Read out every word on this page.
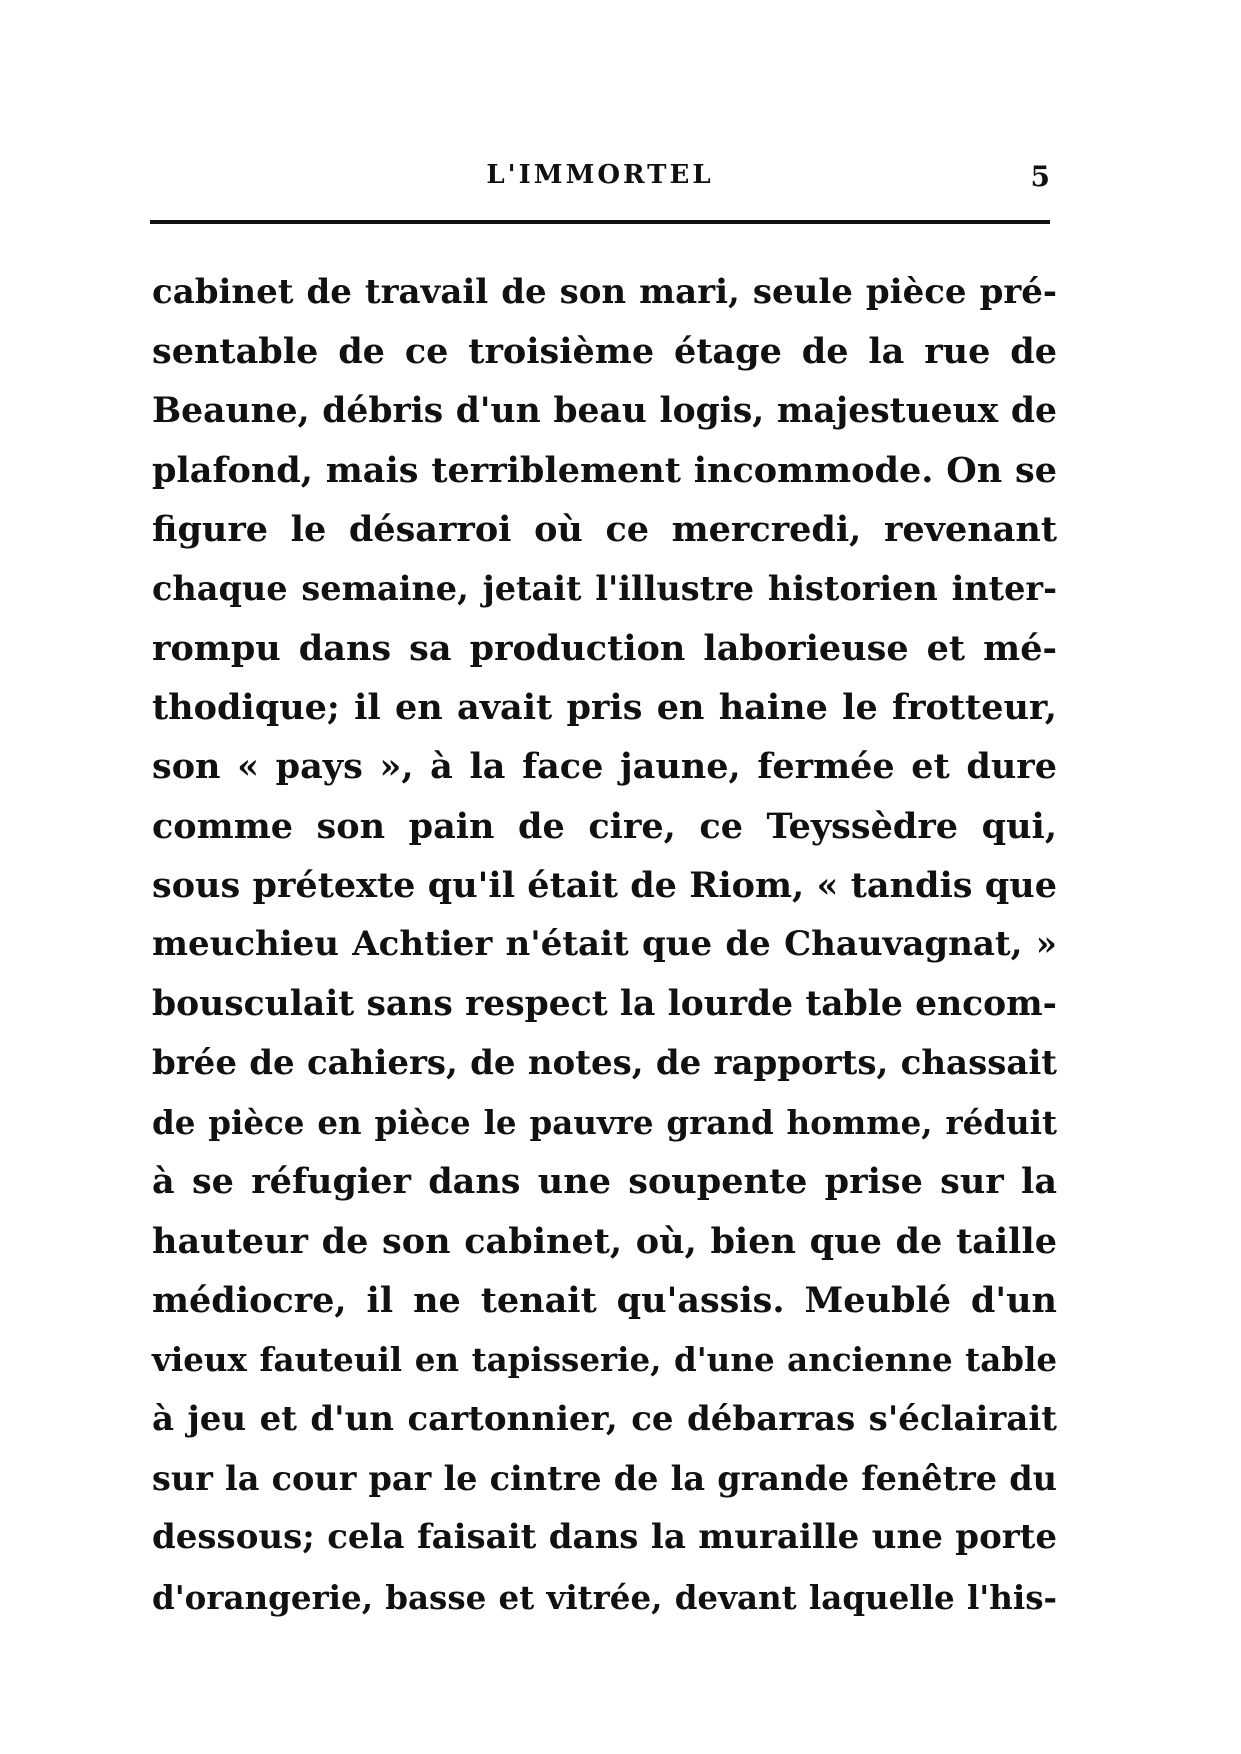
L'IMMORTEL	5
cabinet de travail de son mari, seule pièce pré-
sentable de ce troisième étage de la rue de
Beaune, débris d'un beau logis, majestueux de
plafond, mais terriblement incommode. On se
figure le désarroi où ce mercredi, revenant
chaque semaine, jetait l'illustre historien inter-
rompu dans sa production laborieuse et mé-
thodique; il en avait pris en haine le frotteur,
son « pays », à la face jaune, fermée et dure
comme son pain de cire, ce Teyssèdre qui,
sous prétexte qu'il était de Riom, « tandis que
meuchieu Achtier n'était que de Chauvagnat, »
bousculait sans respect la lourde table encom-
brée de cahiers, de notes, de rapports, chassait
de pièce en pièce le pauvre grand homme, réduit
à se réfugier dans une soupente prise sur la
hauteur de son cabinet, où, bien que de taille
médiocre, il ne tenait qu'assis. Meublé d'un
vieux fauteuil en tapisserie, d'une ancienne table
à jeu et d'un cartonnier, ce débarras s'éclairait
sur la cour par le cintre de la grande fenêtre du
dessous; cela faisait dans la muraille une porte
d'orangerie, basse et vitrée, devant laquelle l'his-
